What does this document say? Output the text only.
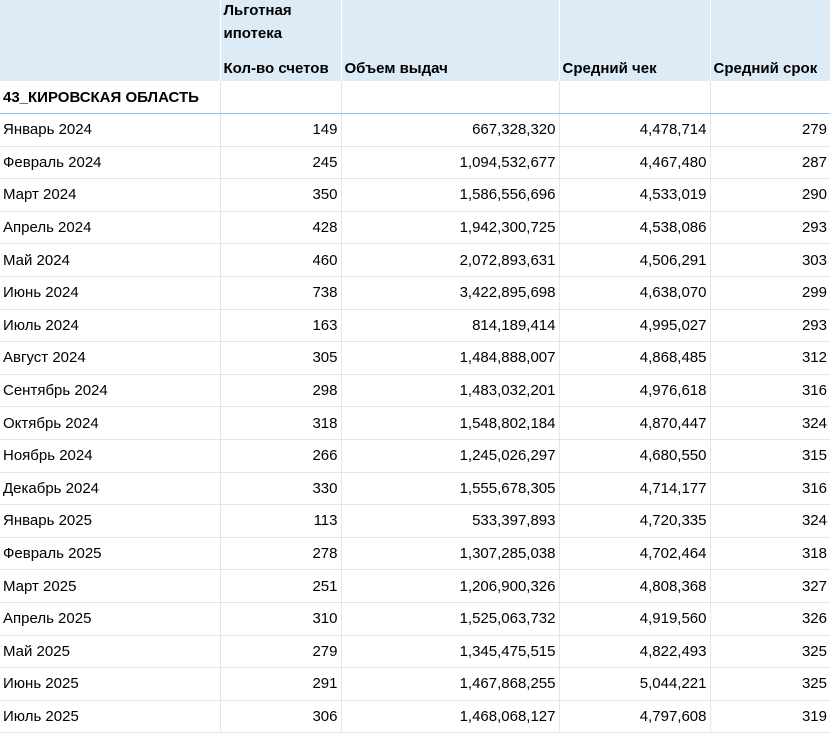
	Льготная
ипотека			

	Кол-во счетов	Объем выдач	Средний чек	Средний срок
43_КИРОВСКАЯ ОБЛАСТЬ				
Январь 2024	149	667,328,320	4,478,714	279
Февраль 2024	245	1,094,532,677	4,467,480	287
Март 2024	350	1,586,556,696	4,533,019	290
Апрель 2024	428	1,942,300,725	4,538,086	293
Май 2024	460	2,072,893,631	4,506,291	303
Июнь 2024	738	3,422,895,698	4,638,070	299
Июль 2024	163	814,189,414	4,995,027	293
Август 2024	305	1,484,888,007	4,868,485	312
Сентябрь 2024	298	1,483,032,201	4,976,618	316
Октябрь 2024	318	1,548,802,184	4,870,447	324
Ноябрь 2024	266	1,245,026,297	4,680,550	315
Декабрь 2024	330	1,555,678,305	4,714,177	316
Январь 2025	113	533,397,893	4,720,335	324
Февраль 2025	278	1,307,285,038	4,702,464	318
Март 2025	251	1,206,900,326	4,808,368	327
Апрель 2025	310	1,525,063,732	4,919,560	326
Май 2025	279	1,345,475,515	4,822,493	325
Июнь 2025	291	1,467,868,255	5,044,221	325
Июль 2025	306	1,468,068,127	4,797,608	319
